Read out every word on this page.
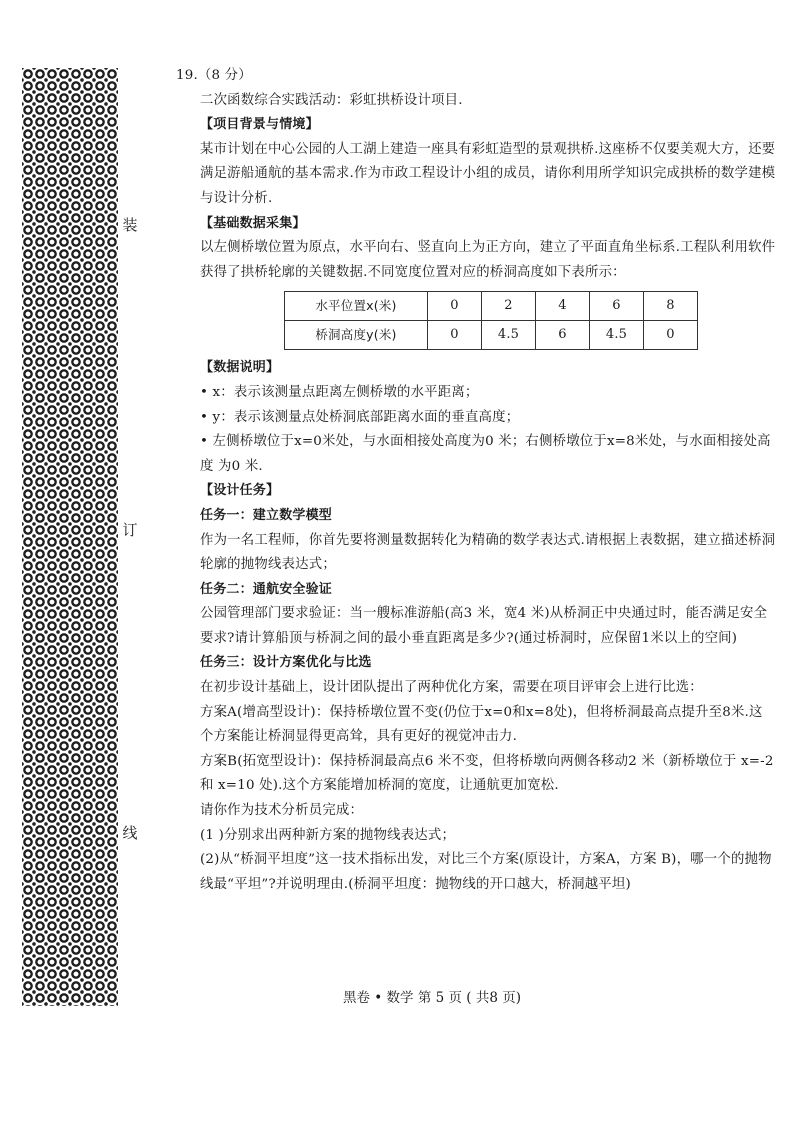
装
订
线

19.（8 分）

二次函数综合实践活动：彩虹拱桥设计项目.

【项目背景与情境】

某市计划在中心公园的人工湖上建造一座具有彩虹造型的景观拱桥.这座桥不仅要美观大方，还要满足游船通航的基本需求.作为市政工程设计小组的成员，请你利用所学知识完成拱桥的数学建模与设计分析.

【基础数据采集】

以左侧桥墩位置为原点，水平向右、竖直向上为正方向，建立了平面直角坐标系.工程队利用软件获得了拱桥轮廓的关键数据.不同宽度位置对应的桥洞高度如下表所示：

水平位置x(米)	0	2	4	6	8
桥洞高度y(米)	0	4.5	6	4.5	0

【数据说明】

• x：表示该测量点距离左侧桥墩的水平距离；

• y：表示该测量点处桥洞底部距离水面的垂直高度；

• 左侧桥墩位于x=0米处，与水面相接处高度为0 米；右侧桥墩位于x=8米处，与水面相接处高 度 为0 米.

【设计任务】

任务一：建立数学模型

作为一名工程师，你首先要将测量数据转化为精确的数学表达式.请根据上表数据，建立描述桥洞轮廓的抛物线表达式；

任务二：通航安全验证

公园管理部门要求验证：当一艘标准游船(高3 米，宽4 米)从桥洞正中央通过时，能否满足安全要求?请计算船顶与桥洞之间的最小垂直距离是多少?(通过桥洞时，应保留1米以上的空间)

任务三：设计方案优化与比选

在初步设计基础上，设计团队提出了两种优化方案，需要在项目评审会上进行比选：

方案A(增高型设计)：保持桥墩位置不变(仍位于x=0和x=8处)，但将桥洞最高点提升至8米.这个方案能让桥洞显得更高耸，具有更好的视觉冲击力.

方案B(拓宽型设计)：保持桥洞最高点6 米不变，但将桥墩向两侧各移动2 米（新桥墩位于 x=-2 和 x=10 处).这个方案能增加桥洞的宽度，让通航更加宽松.

请你作为技术分析员完成：

(1 )分别求出两种新方案的抛物线表达式；

(2)从“桥洞平坦度”这一技术指标出发，对比三个方案(原设计，方案A，方案 B)，哪一个的抛物线最“平坦”?并说明理由.(桥洞平坦度：抛物线的开口越大，桥洞越平坦)

黑卷 • 数学 第 5 页 ( 共8 页)
